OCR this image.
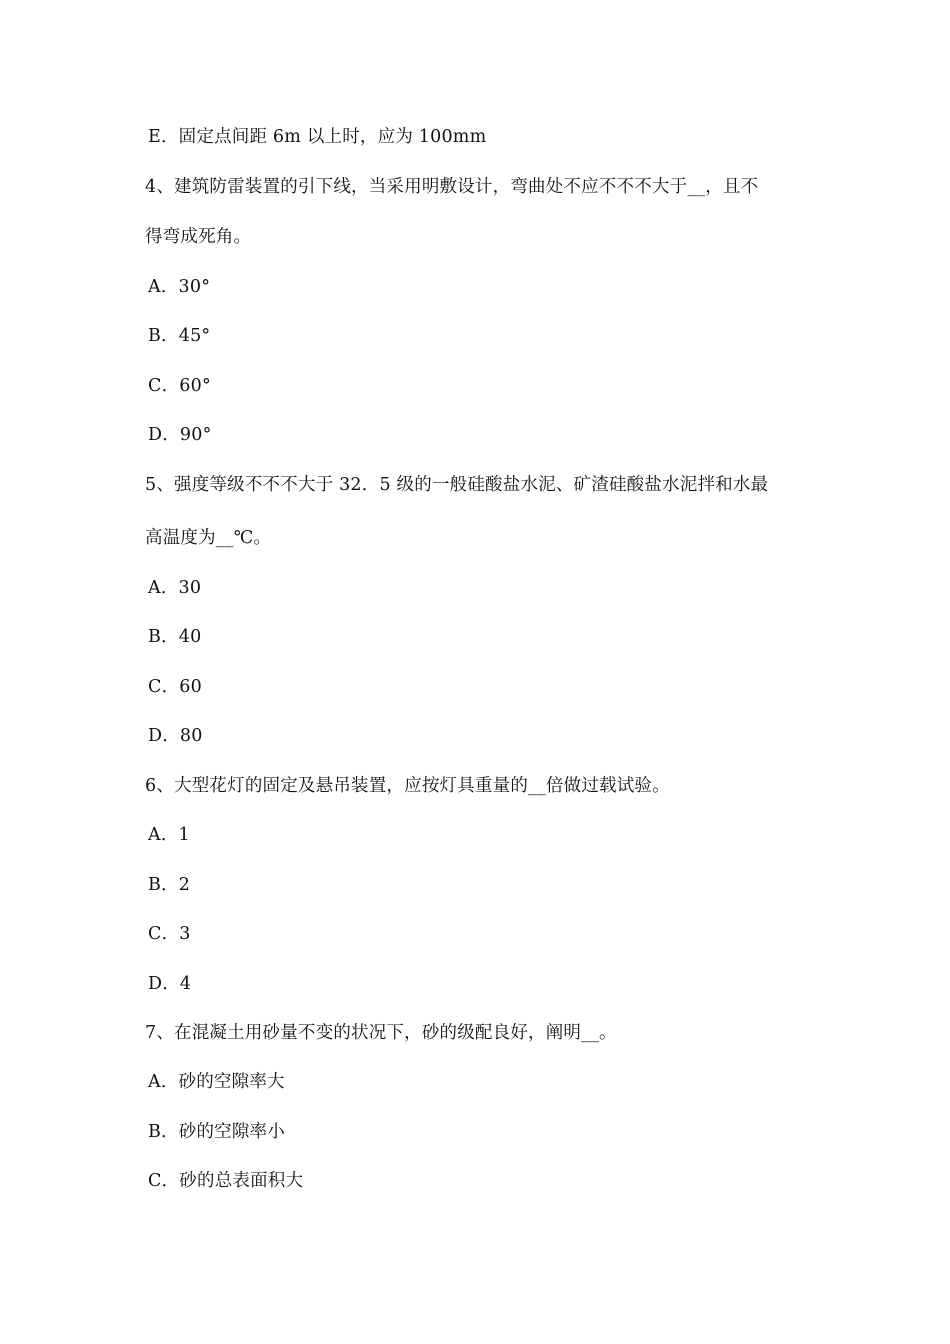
E．固定点间距 6m 以上时，应为 100mm
4、建筑防雷装置的引下线，当采用明敷设计，弯曲处不应不不不大于__，且不
得弯成死角。
A．30°
B．45°
C．60°
D．90°
5、强度等级不不不大于 32．5 级的一般硅酸盐水泥、矿渣硅酸盐水泥拌和水最
高温度为__℃。
A．30
B．40
C．60
D．80
6、大型花灯的固定及悬吊装置，应按灯具重量的__倍做过载试验。
A．1
B．2
C．3
D．4
7、在混凝土用砂量不变的状况下，砂的级配良好，阐明__。
A．砂的空隙率大
B．砂的空隙率小
C．砂的总表面积大
